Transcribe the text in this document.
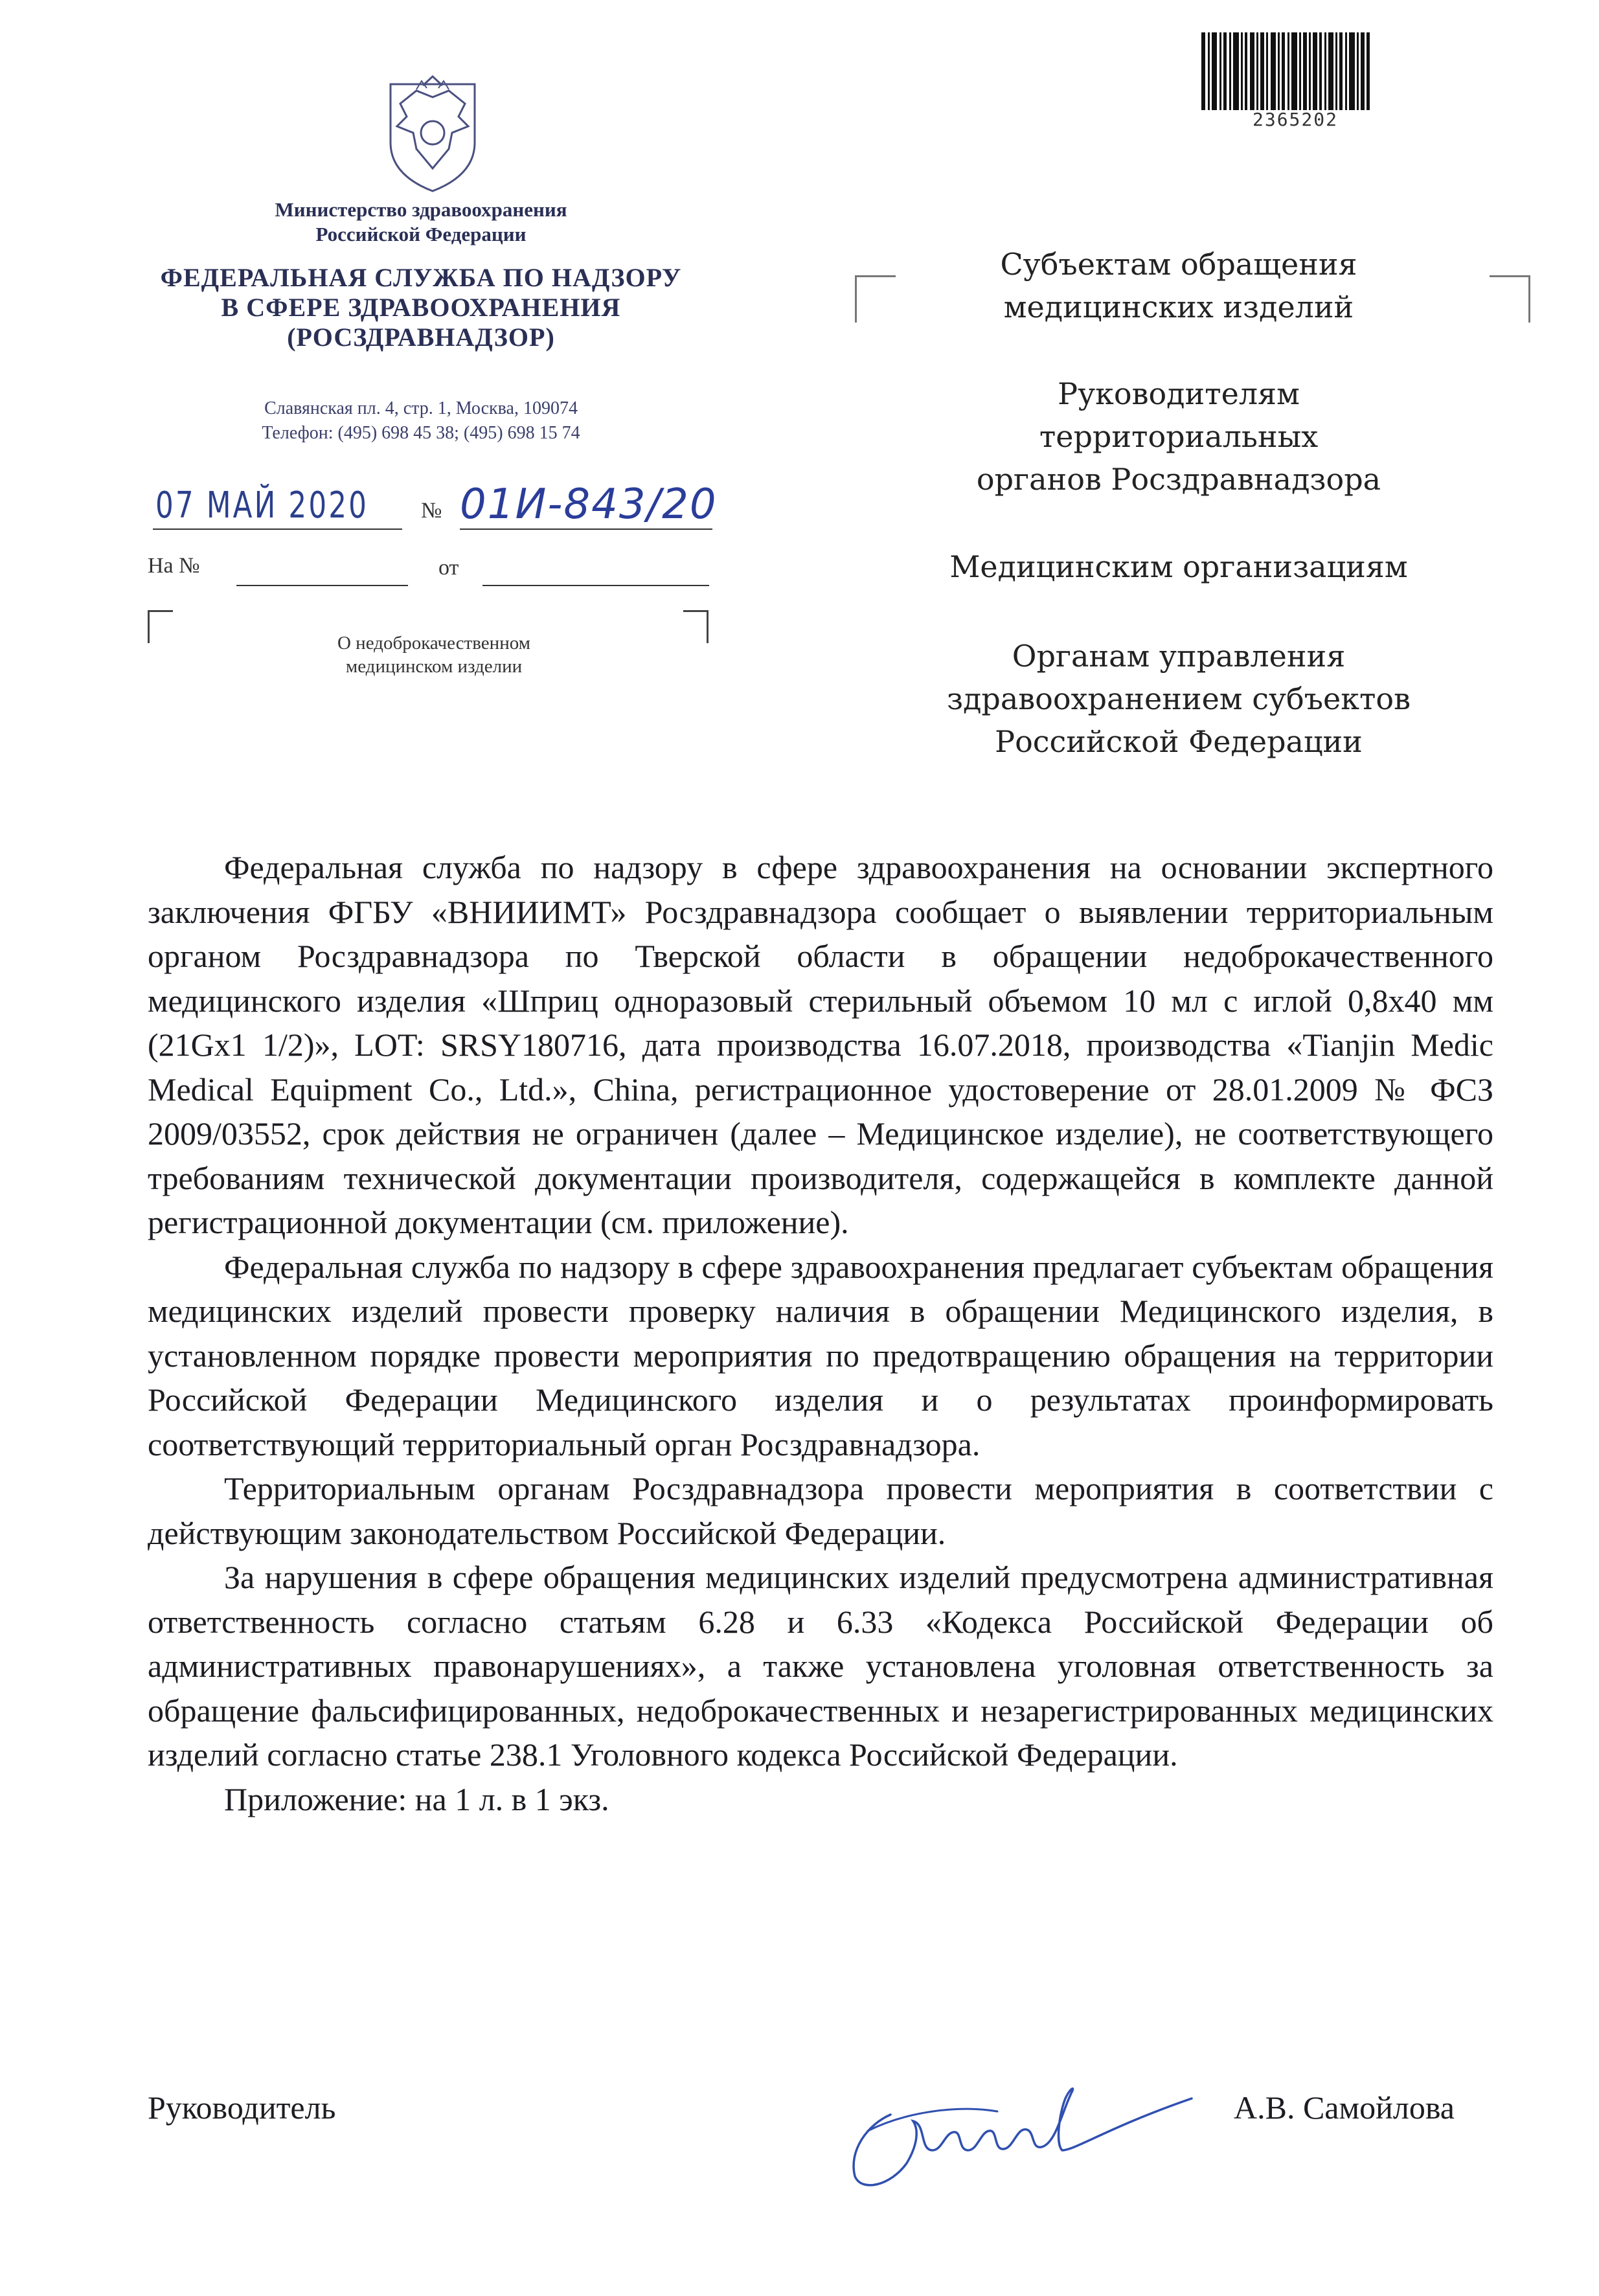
Министерство здравоохранения
Российской Федерации
ФЕДЕРАЛЬНАЯ СЛУЖБА ПО НАДЗОРУ
В СФЕРЕ ЗДРАВООХРАНЕНИЯ
(РОСЗДРАВНАДЗОР)
Славянская пл. 4, стр. 1, Москва, 109074
Телефон: (495) 698 45 38; (495) 698 15 74
07 МАЙ 2020 № 01И-843/20
На №	от
О недоброкачественном
медицинском изделии
2365202
Субъектам обращения
медицинских изделий
Руководителям
территориальных
органов Росздравнадзора
Медицинским организациям
Органам управления
здравоохранением субъектов
Российской Федерации

Федеральная служба по надзору в сфере здравоохранения на основании экспертного заключения ФГБУ «ВНИИИМТ» Росздравнадзора сообщает о выявлении территориальным органом Росздравнадзора по Тверской области в обращении недоброкачественного медицинского изделия «Шприц одноразовый стерильный объемом 10 мл с иглой 0,8х40 мм (21Gx1 1/2)», LOT: SRSY180716, дата производства 16.07.2018, производства «Tianjin Medic Medical Equipment Co., Ltd.», China, регистрационное удостоверение от 28.01.2009 № ФСЗ 2009/03552, срок действия не ограничен (далее – Медицинское изделие), не соответствующего требованиям технической документации производителя, содержащейся в комплекте данной регистрационной документации (см. приложение).

Федеральная служба по надзору в сфере здравоохранения предлагает субъектам обращения медицинских изделий провести проверку наличия в обращении Медицинского изделия, в установленном порядке провести мероприятия по предотвращению обращения на территории Российской Федерации Медицинского изделия и о результатах проинформировать соответствующий территориальный орган Росздравнадзора.

Территориальным органам Росздравнадзора провести мероприятия в соответствии с действующим законодательством Российской Федерации.

За нарушения в сфере обращения медицинских изделий предусмотрена административная ответственность согласно статьям 6.28 и 6.33 «Кодекса Российской Федерации об административных правонарушениях», а также установлена уголовная ответственность за обращение фальсифицированных, недоброкачественных и незарегистрированных медицинских изделий согласно статье 238.1 Уголовного кодекса Российской Федерации.

Приложение: на 1 л. в 1 экз.

Руководитель	А.В. Самойлова
